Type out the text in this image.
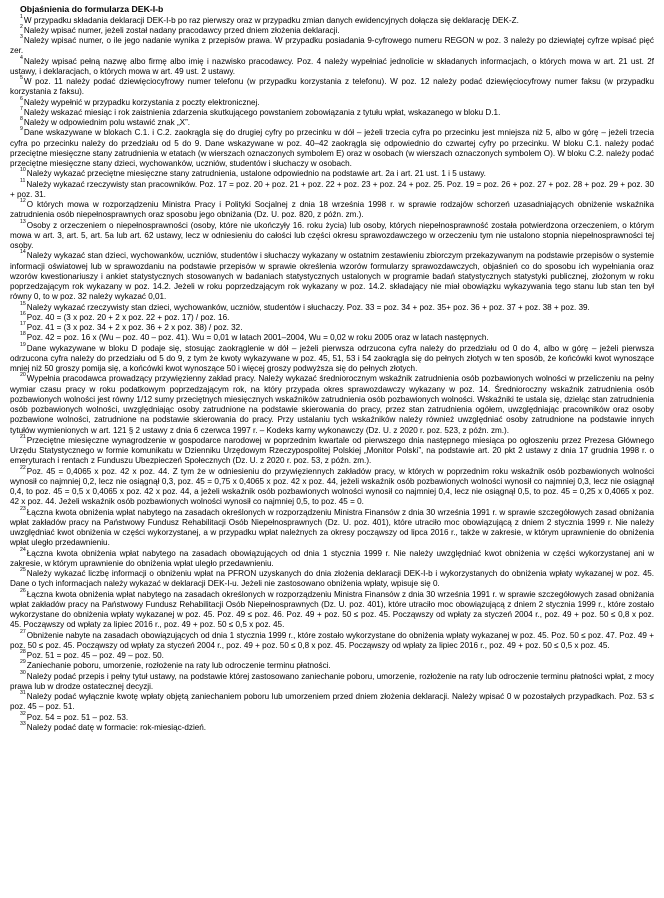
Objaśnienia do formularza DEK-I-b

$^1$W przypadku składania deklaracji DEK-I-b po raz pierwszy oraz w przypadku zmian danych ewidencyjnych dołącza się deklarację DEK-Z.

$^2$Należy wpisać numer, jeżeli został nadany pracodawcy przed dniem złożenia deklaracji.

$^3$Należy wpisać numer, o ile jego nadanie wynika z przepisów prawa. W przypadku posiadania 9-cyfrowego numeru REGON w poz. 3 należy po dziewiątej cyfrze wpisać pięć zer.

$^4$Należy wpisać pełną nazwę albo firmę albo imię i nazwisko pracodawcy. Poz. 4 należy wypełniać jednolicie w składanych informacjach, o których mowa w art. 21 ust. 2f ustawy, i deklaracjach, o których mowa w art. 49 ust. 2 ustawy.

$^5$W poz. 11 należy podać dziewięciocyfrowy numer telefonu (w przypadku korzystania z telefonu). W poz. 12 należy podać dziewięciocyfrowy numer faksu (w przypadku korzystania z faksu).

$^6$Należy wypełnić w przypadku korzystania z poczty elektronicznej.

$^7$Należy wskazać miesiąc i rok zaistnienia zdarzenia skutkującego powstaniem zobowiązania z tytułu wpłat, wskazanego w bloku D.1.

$^8$Należy w odpowiednim polu wstawić znak „X”.

$^9$Dane wskazywane w blokach C.1. i C.2. zaokrągla się do drugiej cyfry po przecinku w dół – jeżeli trzecia cyfra po przecinku jest mniejsza niż 5, albo w górę – jeżeli trzecia cyfra po przecinku należy do przedziału od 5 do 9. Dane wskazywane w poz. 40–42 zaokrągla się odpowiednio do czwartej cyfry po przecinku. W bloku C.1. należy podać przeciętne miesięczne stany zatrudnienia w etatach (w wierszach oznaczonych symbolem E) oraz w osobach (w wierszach oznaczonych symbolem O). W bloku C.2. należy podać przeciętne miesięczne stany dzieci, wychowanków, uczniów, studentów i słuchaczy w osobach.

$^{10}$Należy wykazać przeciętne miesięczne stany zatrudnienia, ustalone odpowiednio na podstawie art. 2a i art. 21 ust. 1 i 5 ustawy.

$^{11}$Należy wykazać rzeczywisty stan pracowników. Poz. 17 = poz. 20 + poz. 21 + poz. 22 + poz. 23 + poz. 24 + poz. 25. Poz. 19 = poz. 26 + poz. 27 + poz. 28 + poz. 29 + poz. 30 + poz. 31.

$^{12}$O których mowa w rozporządzeniu Ministra Pracy i Polityki Socjalnej z dnia 18 września 1998 r. w sprawie rodzajów schorzeń uzasadniających obniżenie wskaźnika zatrudnienia osób niepełnosprawnych oraz sposobu jego obniżania (Dz. U. poz. 820, z późn. zm.).

$^{13}$Osoby z orzeczeniem o niepełnosprawności (osoby, które nie ukończyły 16. roku życia) lub osoby, których niepełnosprawność została potwierdzona orzeczeniem, o którym mowa w art. 3, art. 5, art. 5a lub art. 62 ustawy, lecz w odniesieniu do całości lub części okresu sprawozdawczego w orzeczeniu tym nie ustalono stopnia niepełnosprawności tej osoby.

$^{14}$Należy wykazać stan dzieci, wychowanków, uczniów, studentów i słuchaczy wykazany w ostatnim zestawieniu zbiorczym przekazywanym na podstawie przepisów o systemie informacji oświatowej lub w sprawozdaniu na podstawie przepisów w sprawie określenia wzorów formularzy sprawozdawczych, objaśnień co do sposobu ich wypełniania oraz wzorów kwestionariuszy i ankiet statystycznych stosowanych w badaniach statystycznych ustalonych w programie badań statystycznych statystyki publicznej, złożonym w roku poprzedzającym rok wykazany w poz. 14.2. Jeżeli w roku poprzedzającym rok wykazany w poz. 14.2. składający nie miał obowiązku wykazywania tego stanu lub stan ten był równy 0, to w poz. 32 należy wykazać 0,01.

$^{15}$Należy wykazać rzeczywisty stan dzieci, wychowanków, uczniów, studentów i słuchaczy. Poz. 33 = poz. 34 + poz. 35+ poz. 36 + poz. 37 + poz. 38 + poz. 39.

$^{16}$Poz. 40 = (3 x poz. 20 + 2 x poz. 22 + poz. 17) / poz. 16.

$^{17}$Poz. 41 = (3 x poz. 34 + 2 x poz. 36 + 2 x poz. 38) / poz. 32.

$^{18}$Poz. 42 = poz. 16 x (Wu – poz. 40 – poz. 41). Wu = 0,01 w latach 2001–2004, Wu = 0,02 w roku 2005 oraz w latach następnych.

$^{19}$Dane wykazywane w bloku D podaje się, stosując zaokrąglenie w dół – jeżeli pierwsza odrzucona cyfra należy do przedziału od 0 do 4, albo w górę – jeżeli pierwsza odrzucona cyfra należy do przedziału od 5 do 9, z tym że kwoty wykazywane w poz. 45, 51, 53 i 54 zaokrągla się do pełnych złotych w ten sposób, że końcówki kwot wynoszące mniej niż 50 groszy pomija się, a końcówki kwot wynoszące 50 i więcej groszy podwyższa się do pełnych złotych.

$^{20}$Wypełnia pracodawca prowadzący przywięzienny zakład pracy. Należy wykazać średniorocznym wskaźnik zatrudnienia osób pozbawionych wolności w przeliczeniu na pełny wymiar czasu pracy w roku podatkowym poprzedzającym rok, na który przypada okres sprawozdawczy wykazany w poz. 14. Średnioroczny wskaźnik zatrudnienia osób pozbawionych wolności jest równy 1/12 sumy przeciętnych miesięcznych wskaźników zatrudnienia osób pozbawionych wolności. Wskaźniki te ustala się, dzieląc stan zatrudnienia osób pozbawionych wolności, uwzględniając osoby zatrudnione na podstawie skierowania do pracy, przez stan zatrudnienia ogółem, uwzględniając pracowników oraz osoby pozbawione wolności, zatrudnione na podstawie skierowania do pracy. Przy ustalaniu tych wskaźników należy również uwzględniać osoby zatrudnione na podstawie innych tytułów wymienionych w art. 121 § 2 ustawy z dnia 6 czerwca 1997 r. – Kodeks karny wykonawczy (Dz. U. z 2020 r. poz. 523, z późn. zm.).

$^{21}$Przeciętne miesięczne wynagrodzenie w gospodarce narodowej w poprzednim kwartale od pierwszego dnia następnego miesiąca po ogłoszeniu przez Prezesa Głównego Urzędu Statystycznego w formie komunikatu w Dzienniku Urzędowym Rzeczypospolitej Polskiej „Monitor Polski”, na podstawie art. 20 pkt 2 ustawy z dnia 17 grudnia 1998 r. o emeryturach i rentach z Funduszu Ubezpieczeń Społecznych (Dz. U. z 2020 r. poz. 53, z późn. zm.).

$^{22}$Poz. 45 = 0,4065 x poz. 42 x poz. 44. Z tym że w odniesieniu do przywięziennych zakładów pracy, w których w poprzednim roku wskaźnik osób pozbawionych wolności wynosił co najmniej 0,2, lecz nie osiągnął 0,3, poz. 45 = 0,75 x 0,4065 x poz. 42 x poz. 44, jeżeli wskaźnik osób pozbawionych wolności wynosił co najmniej 0,3, lecz nie osiągnął 0,4, to poz. 45 = 0,5 x 0,4065 x poz. 42 x poz. 44, a jeżeli wskaźnik osób pozbawionych wolności wynosił co najmniej 0,4, lecz nie osiągnął 0,5, to poz. 45 = 0,25 x 0,4065 x poz. 42 x poz. 44. Jeżeli wskaźnik osób pozbawionych wolności wynosił co najmniej 0,5, to poz. 45 = 0.

$^{23}$Łączna kwota obniżenia wpłat nabytego na zasadach określonych w rozporządzeniu Ministra Finansów z dnia 30 września 1991 r. w sprawie szczegółowych zasad obniżania wpłat zakładów pracy na Państwowy Fundusz Rehabilitacji Osób Niepełnosprawnych (Dz. U. poz. 401), które utraciło moc obowiązującą z dniem 2 stycznia 1999 r. Nie należy uwzględniać kwot obniżenia w części wykorzystanej, a w przypadku wpłat należnych za okresy począwszy od lipca 2016 r., także w zakresie, w którym uprawnienie do obniżenia wpłat uległo przedawnieniu.

$^{24}$Łączna kwota obniżenia wpłat nabytego na zasadach obowiązujących od dnia 1 stycznia 1999 r. Nie należy uwzględniać kwot obniżenia w części wykorzystanej ani w zakresie, w którym uprawnienie do obniżenia wpłat uległo przedawnieniu.

$^{25}$Należy wykazać liczbę informacji o obniżeniu wpłat na PFRON uzyskanych do dnia złożenia deklaracji DEK-I-b i wykorzystanych do obniżenia wpłaty wykazanej w poz. 45. Dane o tych informacjach należy wykazać w deklaracji DEK-I-u. Jeżeli nie zastosowano obniżenia wpłaty, wpisuje się 0.

$^{26}$Łączna kwota obniżenia wpłat nabytego na zasadach określonych w rozporządzeniu Ministra Finansów z dnia 30 września 1991 r. w sprawie szczegółowych zasad obniżania wpłat zakładów pracy na Państwowy Fundusz Rehabilitacji Osób Niepełnosprawnych (Dz. U. poz. 401), które utraciło moc obowiązującą z dniem 2 stycznia 1999 r., które zostało wykorzystane do obniżenia wpłaty wykazanej w poz. 45. Poz. 49 ≤ poz. 46. Poz. 49 + poz. 50 ≤ poz. 45. Począwszy od wpłaty za styczeń 2004 r., poz. 49 + poz. 50 ≤ 0,8 x poz. 45. Począwszy od wpłaty za lipiec 2016 r., poz. 49 + poz. 50 ≤ 0,5 x poz. 45.

$^{27}$Obniżenie nabyte na zasadach obowiązujących od dnia 1 stycznia 1999 r., które zostało wykorzystane do obniżenia wpłaty wykazanej w poz. 45. Poz. 50 ≤ poz. 47. Poz. 49 + poz. 50 ≤ poz. 45. Począwszy od wpłaty za styczeń 2004 r., poz. 49 + poz. 50 ≤ 0,8 x poz. 45. Począwszy od wpłaty za lipiec 2016 r., poz. 49 + poz. 50 ≤ 0,5 x poz. 45.

$^{28}$Poz. 51 = poz. 45 – poz. 49 – poz. 50.

$^{29}$Zaniechanie poboru, umorzenie, rozłożenie na raty lub odroczenie terminu płatności.

$^{30}$Należy podać przepis i pełny tytuł ustawy, na podstawie której zastosowano zaniechanie poboru, umorzenie, rozłożenie na raty lub odroczenie terminu płatności wpłat, z mocy prawa lub w drodze ostatecznej decyzji.

$^{31}$Należy podać wyłącznie kwotę wpłaty objętą zaniechaniem poboru lub umorzeniem przed dniem złożenia deklaracji. Należy wpisać 0 w pozostałych przypadkach. Poz. 53 ≤ poz. 45 – poz. 51.

$^{32}$Poz. 54 = poz. 51 – poz. 53.

$^{33}$Należy podać datę w formacie: rok-miesiąc-dzień.
